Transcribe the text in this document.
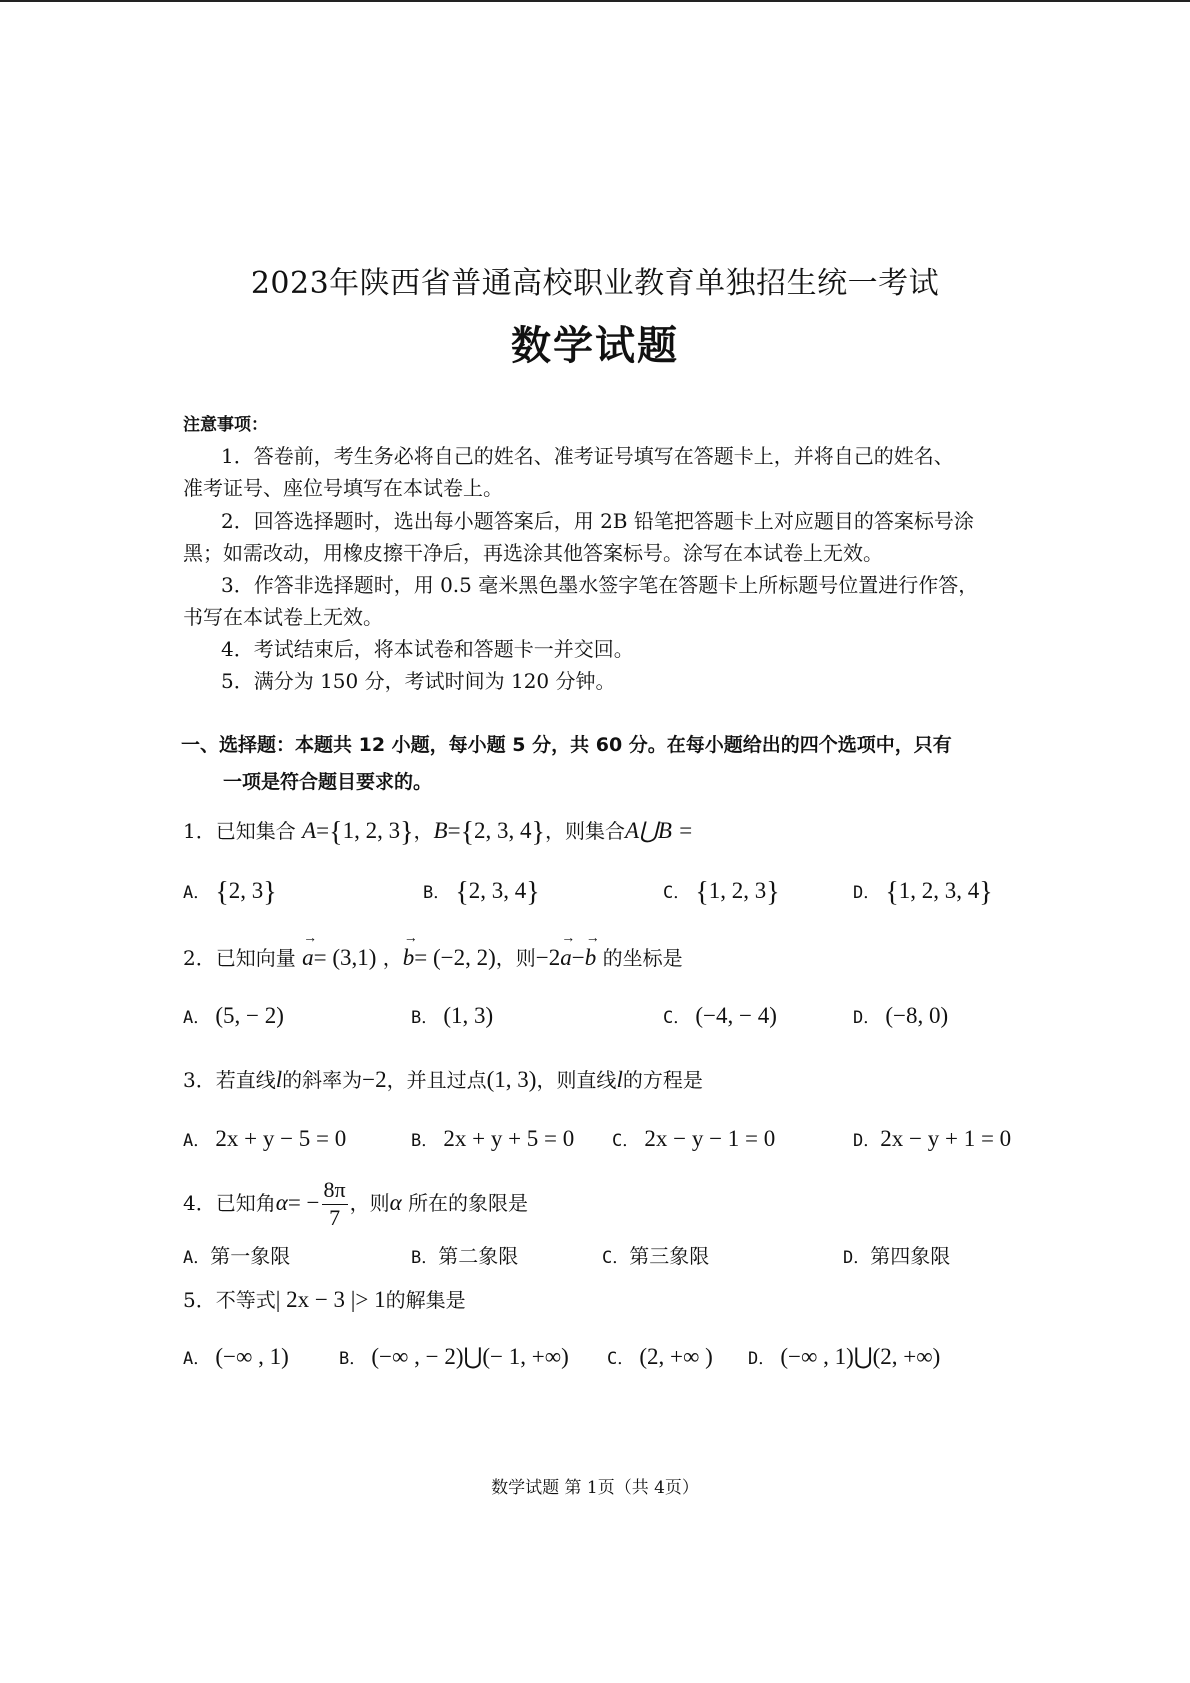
2023年陕西省普通高校职业教育单独招生统一考试
数学试题
注意事项：
1．答卷前，考生务必将自己的姓名、准考证号填写在答题卡上，并将自己的姓名、
准考证号、座位号填写在本试卷上。
2．回答选择题时，选出每小题答案后，用 2B 铅笔把答题卡上对应题目的答案标号涂
黑；如需改动，用橡皮擦干净后，再选涂其他答案标号。涂写在本试卷上无效。
3．作答非选择题时，用 0.5 毫米黑色墨水签字笔在答题卡上所标题号位置进行作答，
书写在本试卷上无效。
4．考试结束后，将本试卷和答题卡一并交回。
5．满分为 150 分，考试时间为 120 分钟。
一、选择题：本题共 12 小题，每小题 5 分，共 60 分。在每小题给出的四个选项中，只有
一项是符合题目要求的。
1．已知集合 A={1, 2, 3}，B={2, 3, 4}，则集合A⋃B =
A． {2, 3}	B． {2, 3, 4}	C． {1, 2, 3}	D． {1, 2, 3, 4}
2．已知向量 → a= (3,1) ，→ b= (−2, 2)，则−2→ a−→ b 的坐标是
A． (5, − 2)	B． (1, 3)	C． (−4, − 4)	D． (−8, 0)
3．若直线l的斜率为−2，并且过点(1, 3)，则直线l的方程是
A． 2x + y − 5 = 0	B． 2x + y + 5 = 0 C． 2x − y − 1 = 0	D．2x − y + 1 = 0
4．已知角$\alpha= - \frac{8\pi}{7}$ ，则α 所在的象限是
A．第一象限	B．第二象限	C．第三象限	D．第四象限
5．不等式| 2x − 3 |> 1的解集是
A． (−∞ , 1)	B． (−∞ , − 2)⋃(− 1, +∞) C． (2, +∞ ) D． (−∞ , 1)⋃(2, +∞)
数学试题 第 1页（共 4页）
